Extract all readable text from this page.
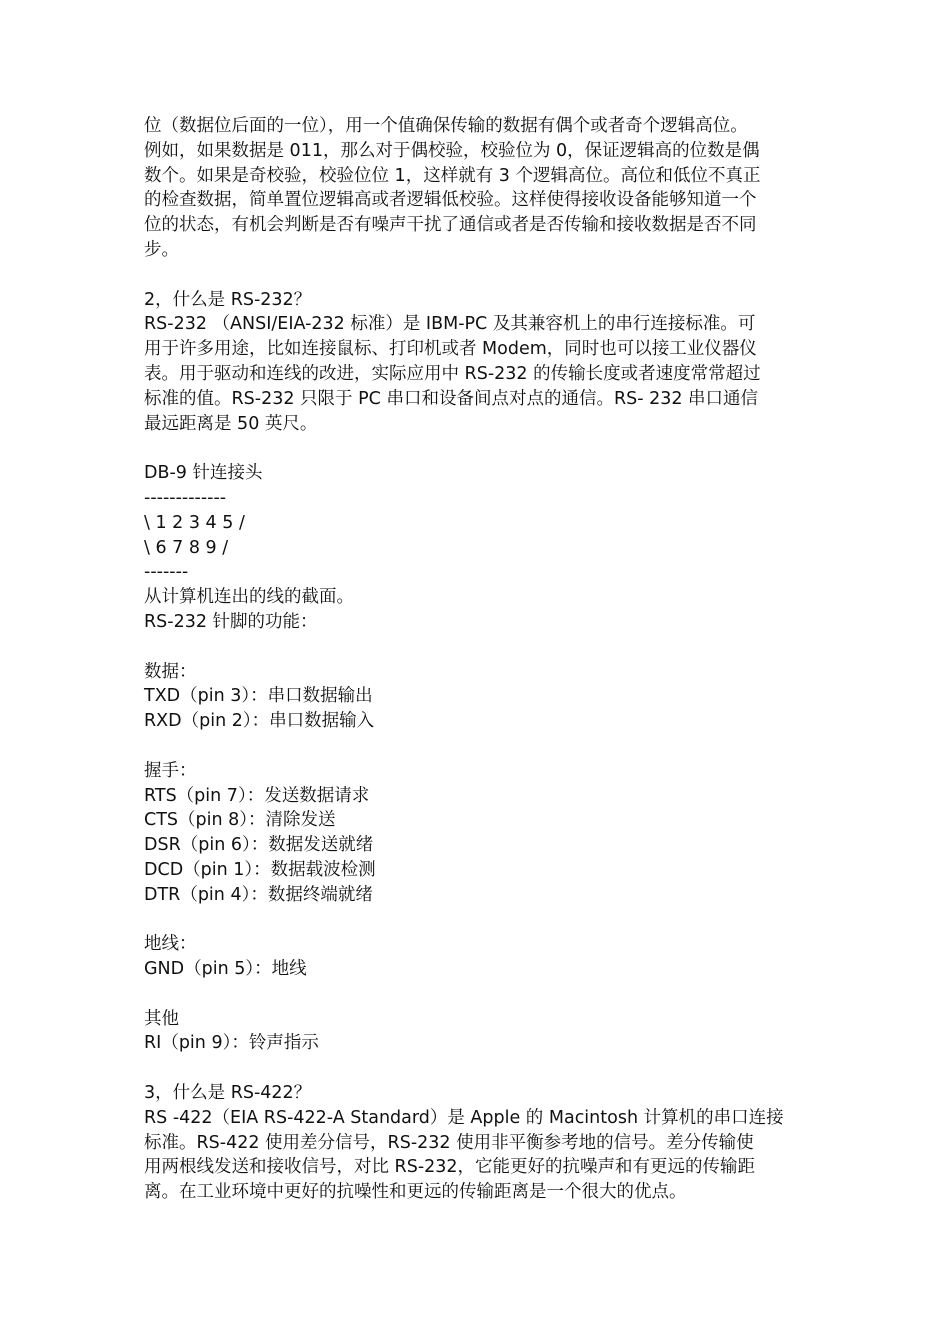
位（数据位后面的一位），用一个值确保传输的数据有偶个或者奇个逻辑高位。
例如，如果数据是 011，那么对于偶校验，校验位为 0，保证逻辑高的位数是偶
数个。如果是奇校验，校验位位 1，这样就有 3 个逻辑高位。高位和低位不真正
的检查数据，简单置位逻辑高或者逻辑低校验。这样使得接收设备能够知道一个
位的状态，有机会判断是否有噪声干扰了通信或者是否传输和接收数据是否不同
步。
2，什么是 RS-232？
RS-232 （ANSI/EIA-232 标准）是 IBM-PC 及其兼容机上的串行连接标准。可
用于许多用途，比如连接鼠标、打印机或者 Modem，同时也可以接工业仪器仪
表。用于驱动和连线的改进，实际应用中 RS-232 的传输长度或者速度常常超过
标准的值。RS-232 只限于 PC 串口和设备间点对点的通信。RS- 232 串口通信
最远距离是 50 英尺。
DB-9 针连接头
-------------
\ 1 2 3 4 5 /
\ 6 7 8 9 /
-------
从计算机连出的线的截面。
RS-232 针脚的功能：
数据：
TXD（pin 3）：串口数据输出
RXD（pin 2）：串口数据输入
握手：
RTS（pin 7）：发送数据请求
CTS（pin 8）：清除发送
DSR（pin 6）：数据发送就绪
DCD（pin 1）：数据载波检测
DTR（pin 4）：数据终端就绪
地线：
GND（pin 5）：地线
其他
RI（pin 9）：铃声指示
3，什么是 RS-422？
RS -422（EIA RS-422-A Standard）是 Apple 的 Macintosh 计算机的串口连接
标准。RS-422 使用差分信号，RS-232 使用非平衡参考地的信号。差分传输使
用两根线发送和接收信号，对比 RS-232，它能更好的抗噪声和有更远的传输距
离。在工业环境中更好的抗噪性和更远的传输距离是一个很大的优点。
